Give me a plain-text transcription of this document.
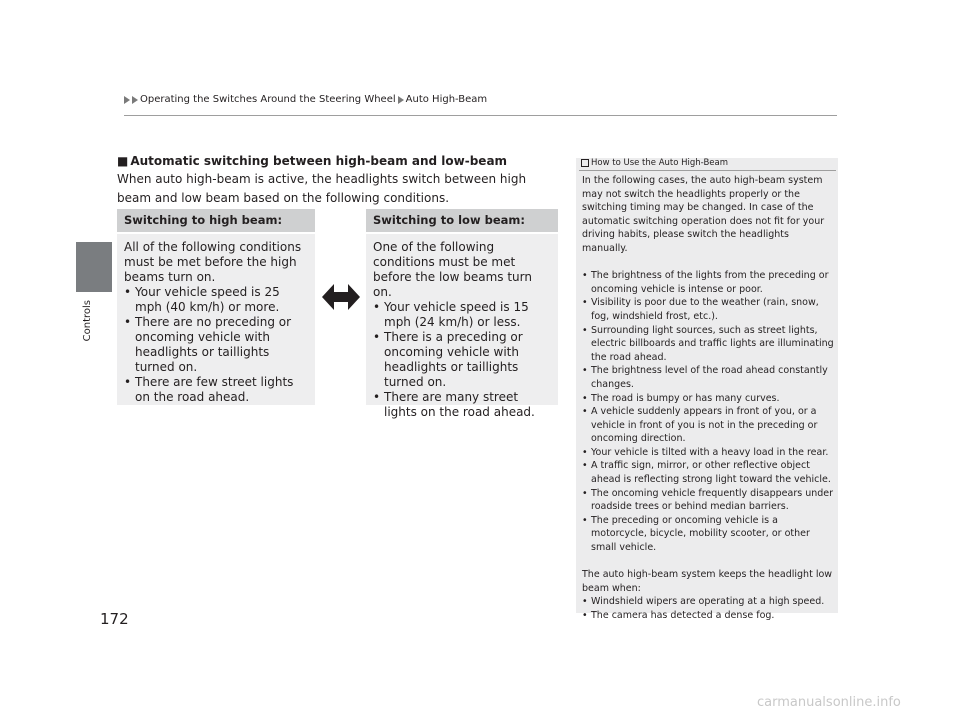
Operating the Switches Around the Steering Wheel Auto High-Beam
Controls
172
■ Automatic switching between high-beam and low-beam
When auto high-beam is active, the headlights switch between high beam and low beam based on the following conditions.
Switching to high beam:

All of the following conditions must be met before the high beams turn on.

• Your vehicle speed is 25 mph (40 km/h) or more.
• There are no preceding or oncoming vehicle with headlights or taillights turned on.
• There are few street lights on the road ahead.
Switching to low beam:

One of the following conditions must be met before the low beams turn on.

• Your vehicle speed is 15 mph (24 km/h) or less.
• There is a preceding or oncoming vehicle with headlights or taillights turned on.
• There are many street lights on the road ahead.
How to Use the Auto High-Beam

In the following cases, the auto high-beam system may not switch the headlights properly or the switching timing may be changed. In case of the automatic switching operation does not fit for your driving habits, please switch the headlights manually.

• The brightness of the lights from the preceding or oncoming vehicle is intense or poor.
• Visibility is poor due to the weather (rain, snow, fog, windshield frost, etc.).
• Surrounding light sources, such as street lights, electric billboards and traffic lights are illuminating the road ahead.
• The brightness level of the road ahead constantly changes.
• The road is bumpy or has many curves.
• A vehicle suddenly appears in front of you, or a vehicle in front of you is not in the preceding or oncoming direction.
• Your vehicle is tilted with a heavy load in the rear.
• A traffic sign, mirror, or other reflective object ahead is reflecting strong light toward the vehicle.
• The oncoming vehicle frequently disappears under roadside trees or behind median barriers.
• The preceding or oncoming vehicle is a motorcycle, bicycle, mobility scooter, or other small vehicle.

The auto high-beam system keeps the headlight low beam when:

• Windshield wipers are operating at a high speed.
• The camera has detected a dense fog.
carmanualsonline.info
